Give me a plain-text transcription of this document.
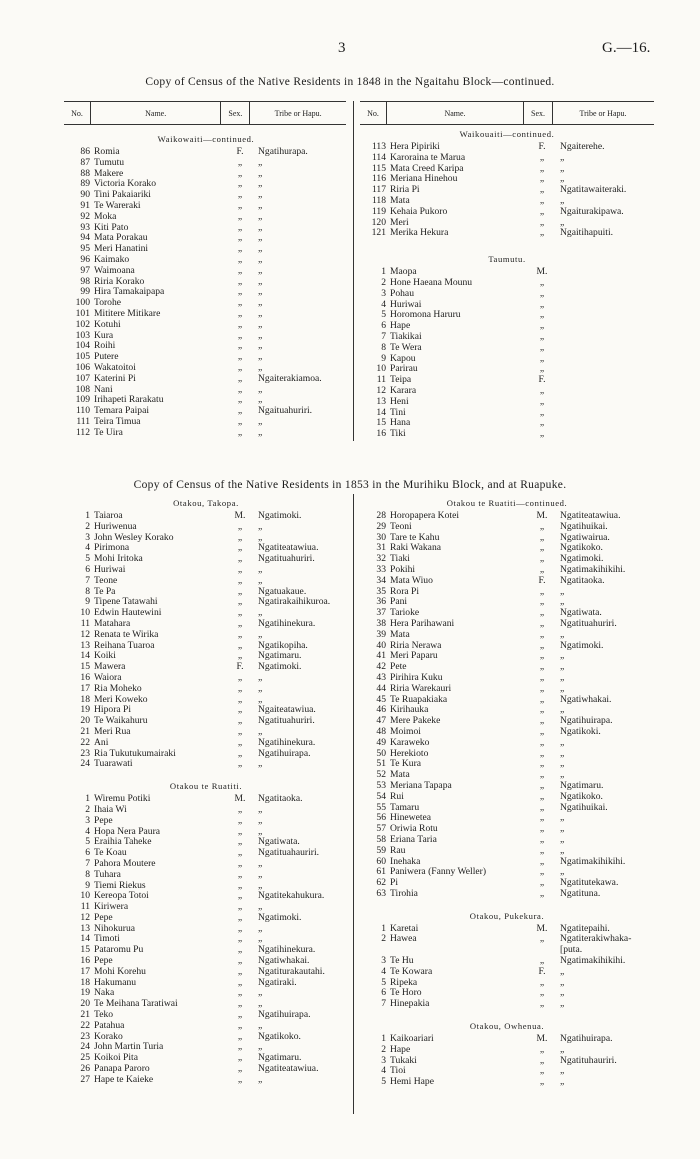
3	G.—16.
Copy of Census of the Native Residents in 1848 in the Ngaitahu Block—continued.
No.	Name.	Sex.	Tribe or Hapu.	No.	Name.	Sex.	Tribe or Hapu.
Waikowaiti—continued.
86 Romia	F.	Ngatihurapa.
87 Tumutu	„	„
88 Makere	„	„
89 Victoria Korako	„	„
90 Tini Pakaiariki	„	„
91 Te Wareraki	„	„
92 Moka	„	„
93 Kiti Pato	„	„
94 Mata Porakau	„	„
95 Meri Hanatini	„	„
96 Kaimako	„	„
97 Waimoana	„	„
98 Riria Korako	„	„
99 Hira Tamakaipapa	„	„
100 Torohe	„	„
101 Mititere Mitikare	„	„
102 Kotuhi	„	„
103 Kura	„	„
104 Roihi	„	„
105 Putere	„	„
106 Wakatoitoi	„	„
107 Katerini Pi	„	Ngaiterakiamoa.
108 Nani	„	„
109 Irihapeti Rarakatu	„	„
110 Temara Paipai	„	Ngaituahuriri.
111 Teira Timua	„	„
112 Te Uira	„	„
Waikouaiti—continued.
113 Hera Pipiriki	F.	Ngaiterehe.
114 Karoraina te Marua	„	„
115 Mata Creed Karipa	„	„
116 Meriana Hinehou	„	„
117 Riria Pi	„	Ngatitawaiteraki.
118 Mata	„	„
119 Kehaia Pukoro	„	Ngaiturakipawa.
120 Meri	„	„
121 Merika Hekura	„	Ngaitihapuiti.
Taumutu.
1 Maopa	M.
2 Hone Haeana Mounu	„
3 Pohau	„
4 Huriwai	„
5 Horomona Haruru	„
6 Hape	„
7 Tiakikai	„
8 Te Wera	„
9 Kapou	„
10 Parirau	„
11 Teipa	F.
12 Karara	„
13 Heni	„
14 Tini	„
15 Hana	„
16 Tiki	„
Copy of Census of the Native Residents in 1853 in the Murihiku Block, and at Ruapuke.
Otakou, Takopa.
1 Taiaroa	M.	Ngatimoki.
2 Huriwenua	„	„
3 John Wesley Korako	„	„
4 Pirimona	„	Ngatiteatawiua.
5 Mohi Iritoka	„	Ngatituahuriri.
6 Huriwai	„	„
7 Teone	„	„
8 Te Pa	„	Ngatuakaue.
9 Tipene Tatawahi	„	Ngatirakaihikuroa.
10 Edwin Hautewini	„	„
11 Matahara	„	Ngatihinekura.
12 Renata te Wirika	„	„
13 Reihana Tuaroa	„	Ngatikopiha.
14 Koiki	„	Ngatimaru.
15 Mawera	F.	Ngatimoki.
16 Waiora	„	„
17 Ria Moheko	„	„
18 Meri Koweko	„	„
19 Hipora Pi	„	Ngaiteatawiua.
20 Te Waikahuru	„	Ngatituahuriri.
21 Meri Rua	„	„
22 Ani	„	Ngatihinekura.
23 Ria Tukutukumairaki	„	Ngatihuirapa.
24 Tuarawati	„	„
Otakou te Ruatiti.
1 Wiremu Potiki	M.	Ngatitaoka.
2 Ihaia Wi	„	„
3 Pepe	„	„
4 Hopa Nera Paura	„	„
5 Eraihia Taheke	„	Ngatiwata.
6 Te Koau	„	Ngatituahauriri.
7 Pahora Moutere	„	„
8 Tuhara	„	„
9 Tiemi Riekus	„	„
10 Kereopa Totoi	„	Ngatitekahukura.
11 Kiriwera	„	„
12 Pepe	„	Ngatimoki.
13 Nihokurua	„	„
14 Timoti	„	„
15 Pataromu Pu	„	Ngatihinekura.
16 Pepe	„	Ngatiwhakai.
17 Mohi Korehu	„	Ngatiturakautahi.
18 Hakumanu	„	Ngatiraki.
19 Naka	„	„
20 Te Meihana Taratiwai	„	„
21 Teko	„	Ngatihuirapa.
22 Patahua	„	„
23 Korako	„	Ngatikoko.
24 John Martin Turia	„	„
25 Koikoi Pita	„	Ngatimaru.
26 Panapa Paroro	„	Ngatiteatawiua.
27 Hape te Kaieke	„	„
Otakou te Ruatiti—continued.
28 Horopapera Kotei	M.	Ngatiteatawiua.
29 Teoni	„	Ngatihuikai.
30 Tare te Kahu	„	Ngatiwairua.
31 Raki Wakana	„	Ngatikoko.
32 Tiaki	„	Ngatimoki.
33 Pokihi	„	Ngatimakihikihi.
34 Mata Wiuo	F.	Ngatitaoka.
35 Rora Pi	„	„
36 Pani	„	„
37 Tarioke	„	Ngatiwata.
38 Hera Parihawani	„	Ngatituahuriri.
39 Mata	„	„
40 Riria Nerawa	„	Ngatimoki.
41 Meri Paparu	„	„
42 Pete	„	„
43 Pirihira Kuku	„	„
44 Riria Warekauri	„	„
45 Te Ruapakiaka	„	Ngatiwhakai.
46 Kirihauka	„	„
47 Mere Pakeke	„	Ngatihuirapa.
48 Moimoi	„	Ngatikoki.
49 Karaweko	„	„
50 Herekioto	„	„
51 Te Kura	„	„
52 Mata	„	„
53 Meriana Tapapa	„	Ngatimaru.
54 Rui	„	Ngatikoko.
55 Tamaru	„	Ngatihuikai.
56 Hinewetea	„	„
57 Oriwia Rotu	„	„
58 Eriana Taria	„	„
59 Rau	„	„
60 Inehaka	„	Ngatimakihikihi.
61 Paniwera (Fanny Weller)	„	„
62 Pi	„	Ngatitutekawa.
63 Tirohia	„	Ngatituna.
Otakou, Pukekura.
1 Karetai	M.	Ngatitepaihi.
2 Hawea	„	Ngatiterakiwhaka-
[puta.
3 Te Hu	„	Ngatimakihikihi.
4 Te Kowara	F.	„
5 Ripeka	„	„
6 Te Horo	„	„
7 Hinepakia	„	„
Otakou, Owhenua.
1 Kaikoariari	M.	Ngatihuirapa.
2 Hape	„	„
3 Tukaki	„	Ngatituhauriri.
4 Tioi	„	„
5 Hemi Hape	„	„
